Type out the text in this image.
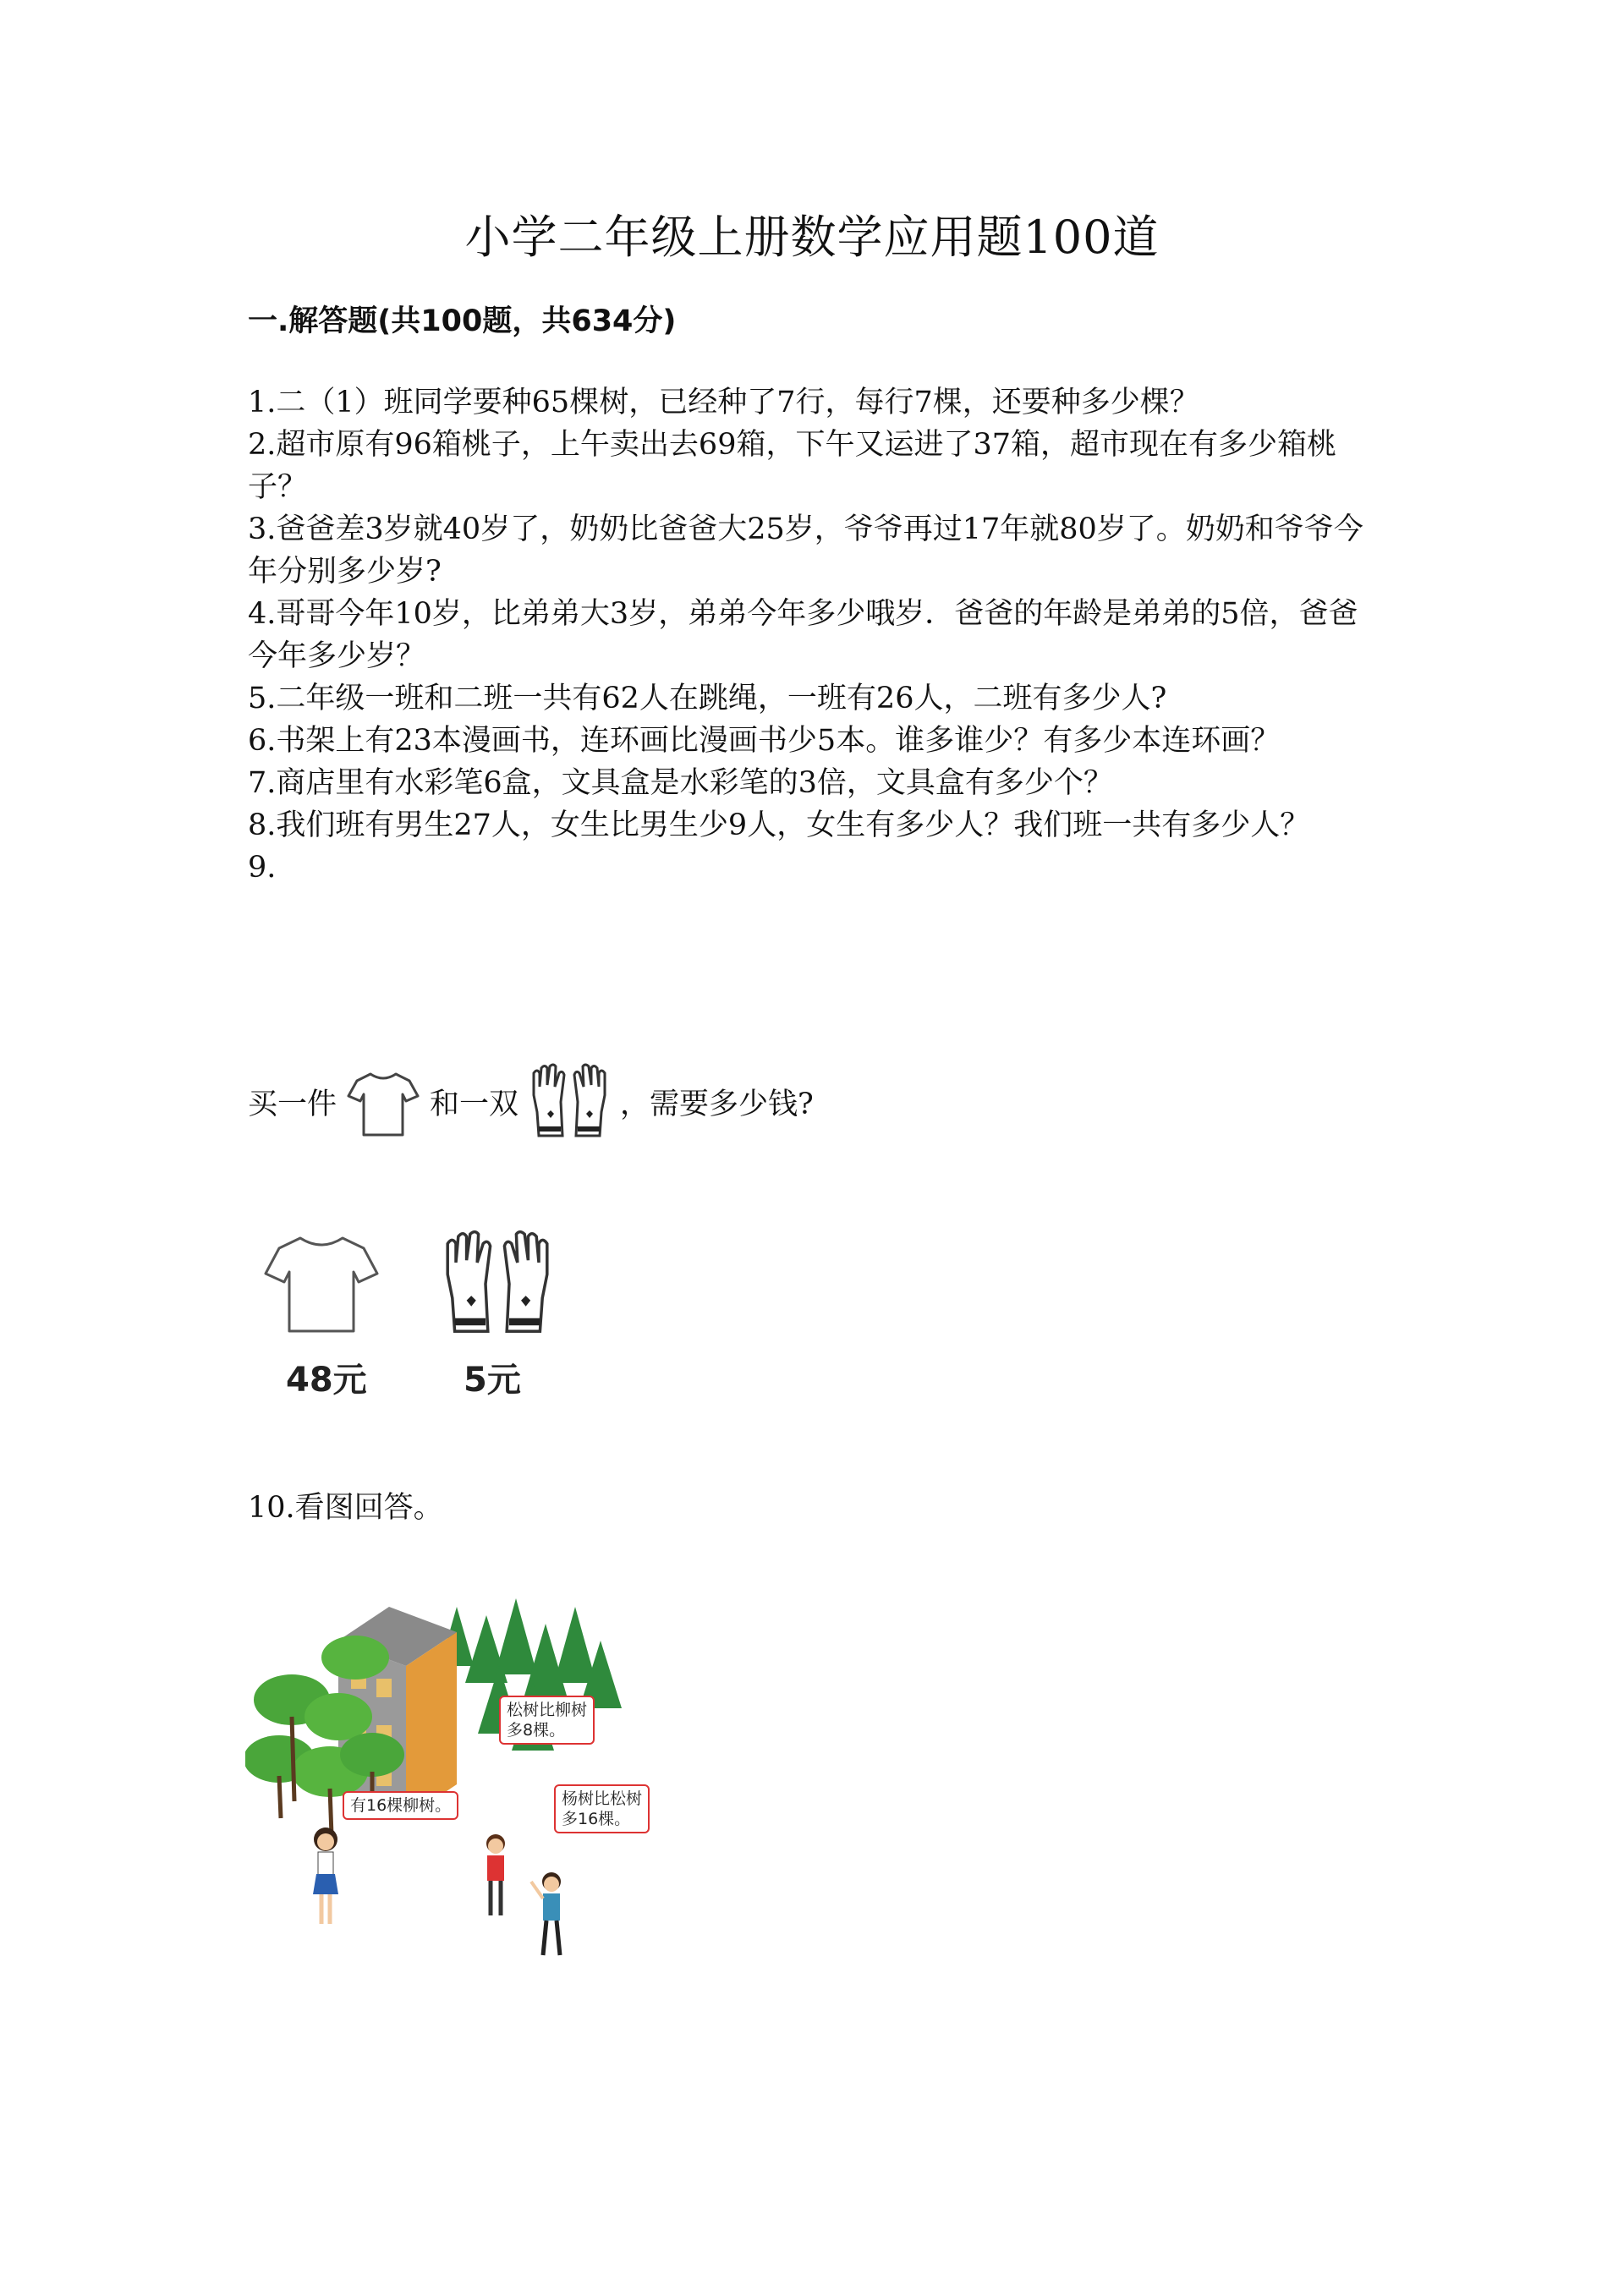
小学二年级上册数学应用题100道
一.解答题(共100题，共634分)

1.二（1）班同学要种65棵树，已经种了7行，每行7棵，还要种多少棵？

2.超市原有96箱桃子，上午卖出去69箱，下午又运进了37箱，超市现在有多少箱桃子？

3.爸爸差3岁就40岁了，奶奶比爸爸大25岁，爷爷再过17年就80岁了。奶奶和爷爷今年分别多少岁?

4.哥哥今年10岁，比弟弟大3岁，弟弟今年多少哦岁．爸爸的年龄是弟弟的5倍，爸爸今年多少岁？

5.二年级一班和二班一共有62人在跳绳，一班有26人，二班有多少人?

6.书架上有23本漫画书，连环画比漫画书少5本。谁多谁少？有多少本连环画？

7.商店里有水彩笔6盒，文具盒是水彩笔的3倍，文具盒有多少个？

8.我们班有男生27人，女生比男生少9人，女生有多少人？我们班一共有多少人？

9.

买一件	和一双	，需要多少钱?
48元	5元
10.看图回答。
有16棵柳树。
松树比柳树
多8棵。
杨树比松树
多16棵。
